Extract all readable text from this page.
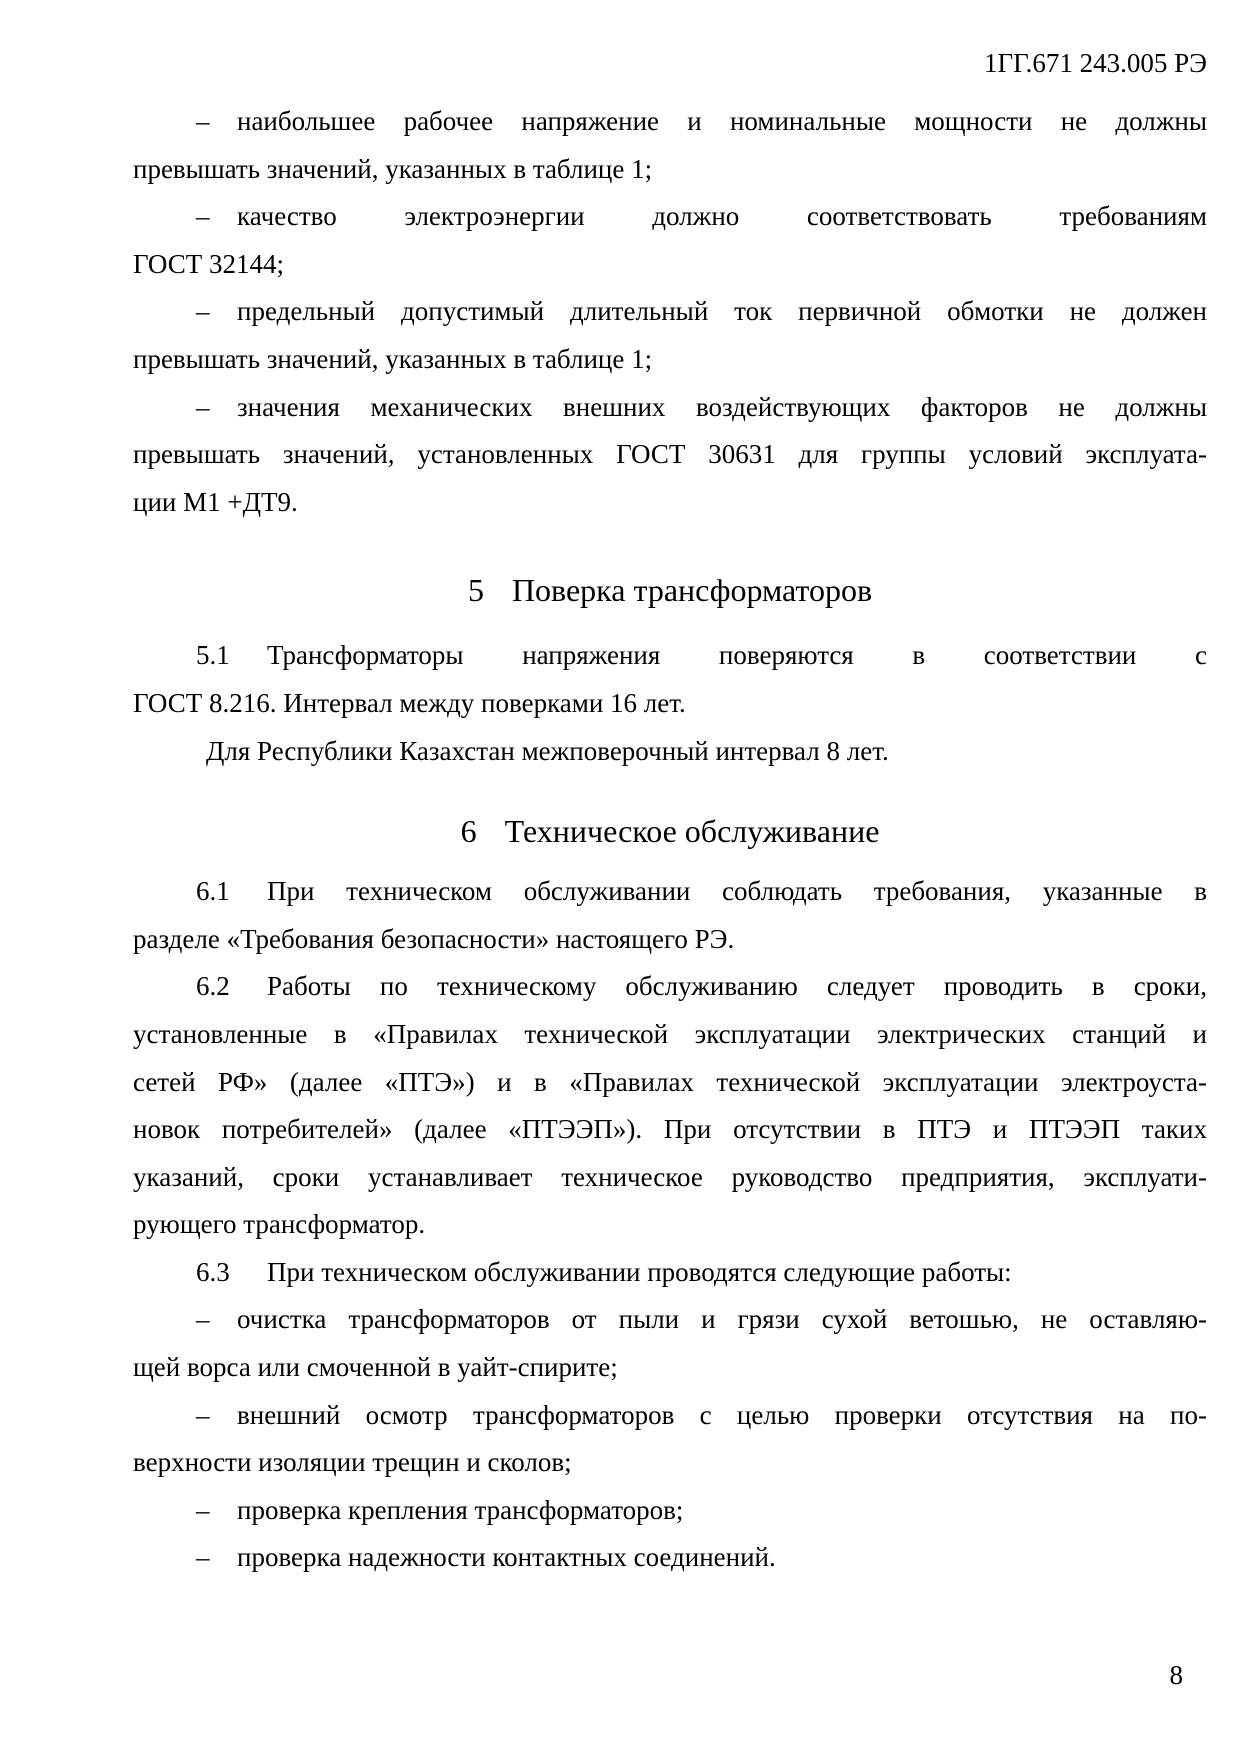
1ГГ.671 243.005 РЭ
– наибольшее рабочее напряжение и номинальные мощности не должны
превышать значений, указанных в таблице 1;
– качество электроэнергии должно соответствовать требованиям
ГОСТ 32144;
– предельный допустимый длительный ток первичной обмотки не должен
превышать значений, указанных в таблице 1;
– значения механических внешних воздействующих факторов не должны
превышать значений, установленных ГОСТ 30631 для группы условий эксплуата-
ции М1 +ДТ9.
5 Поверка трансформаторов
5.1 Трансформаторы напряжения поверяются в соответствии с
ГОСТ 8.216. Интервал между поверками 16 лет.
Для Республики Казахстан межповерочный интервал 8 лет.
6 Техническое обслуживание
6.1 При техническом обслуживании соблюдать требования, указанные в
разделе «Требования безопасности» настоящего РЭ.
6.2 Работы по техническому обслуживанию следует проводить в сроки,
установленные в «Правилах технической эксплуатации электрических станций и
сетей РФ» (далее «ПТЭ») и в «Правилах технической эксплуатации электроуста-
новок потребителей» (далее «ПТЭЭП»). При отсутствии в ПТЭ и ПТЭЭП таких
указаний, сроки устанавливает техническое руководство предприятия, эксплуати-
рующего трансформатор.
6.3 При техническом обслуживании проводятся следующие работы:
– очистка трансформаторов от пыли и грязи сухой ветошью, не оставляю-
щей ворса или смоченной в уайт-спирите;
– внешний осмотр трансформаторов с целью проверки отсутствия на по-
верхности изоляции трещин и сколов;
– проверка крепления трансформаторов;
– проверка надежности контактных соединений.
8
